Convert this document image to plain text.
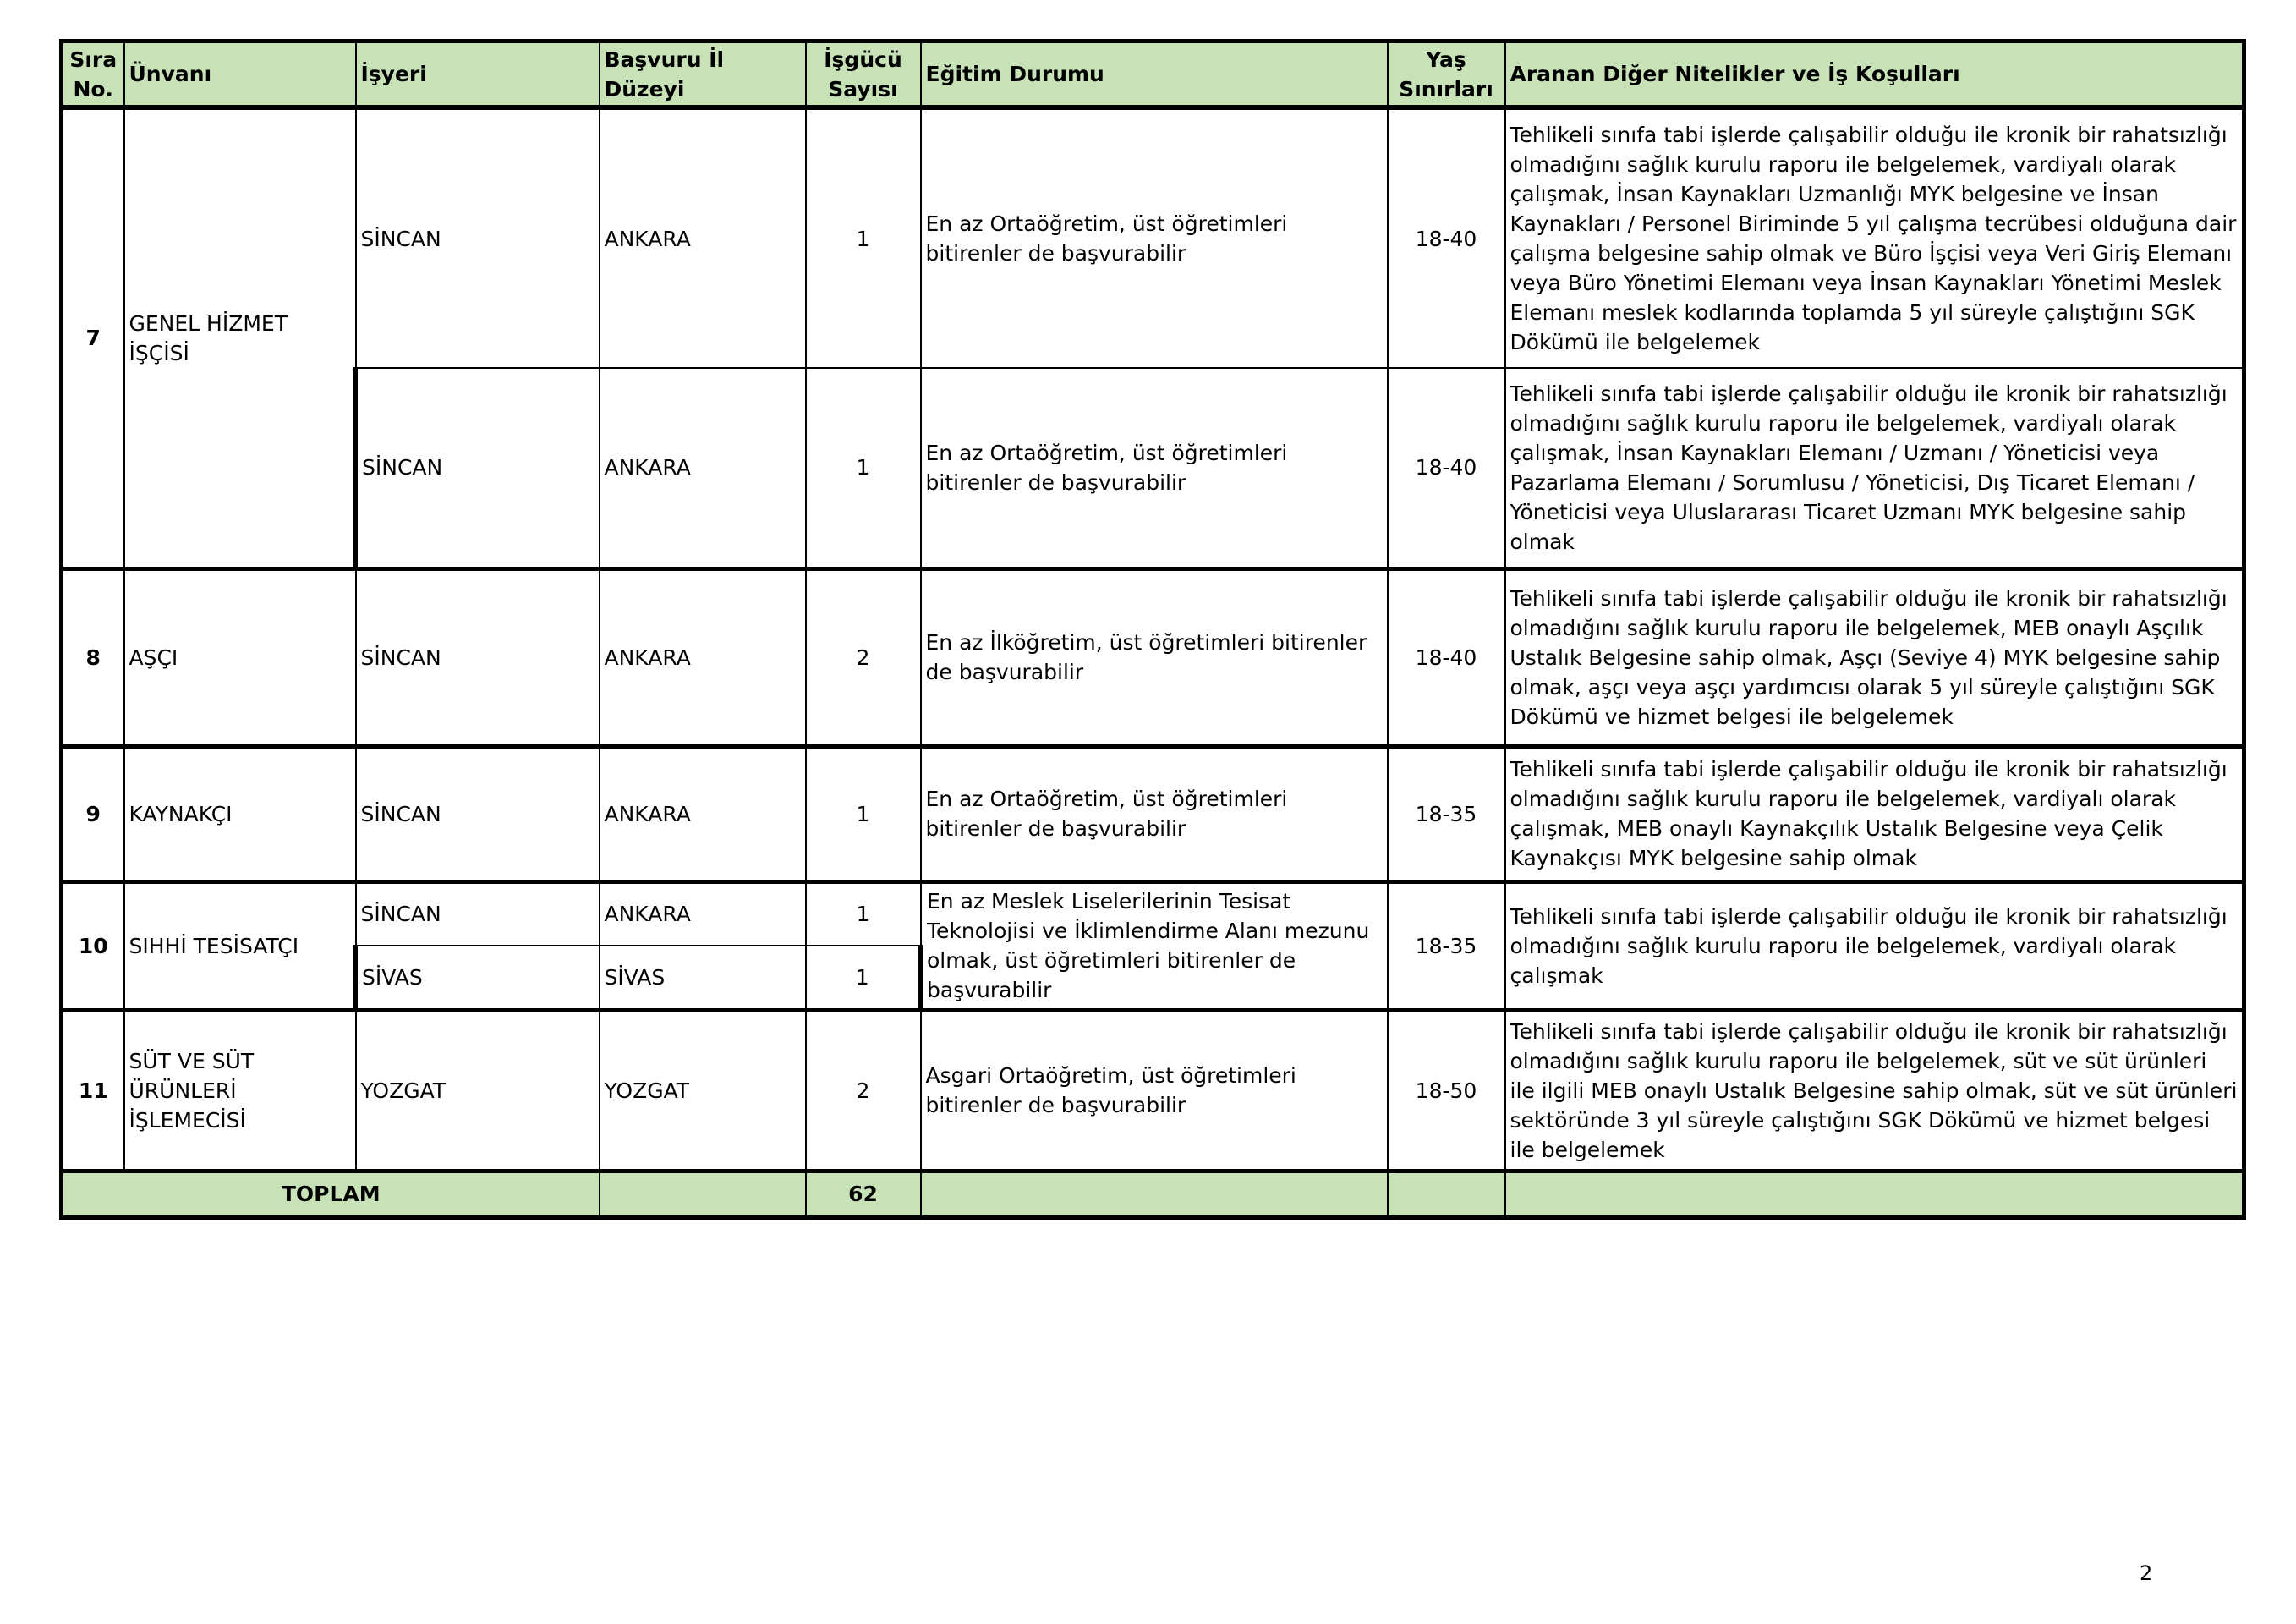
Sıra No.	Ünvanı	İşyeri	Başvuru İl Düzeyi	İşgücü Sayısı	Eğitim Durumu	Yaş Sınırları	Aranan Diğer Nitelikler ve İş Koşulları
7	GENEL HİZMET İŞÇİSİ	SİNCAN	ANKARA	1	En az Ortaöğretim, üst öğretimleri bitirenler de başvurabilir	18-40	Tehlikeli sınıfa tabi işlerde çalışabilir olduğu ile kronik bir rahatsızlığı olmadığını sağlık kurulu raporu ile belgelemek, vardiyalı olarak çalışmak, İnsan Kaynakları Uzmanlığı MYK belgesine ve İnsan Kaynakları / Personel Biriminde 5 yıl çalışma tecrübesi olduğuna dair çalışma belgesine sahip olmak ve Büro İşçisi veya Veri Giriş Elemanı veya Büro Yönetimi Elemanı veya İnsan Kaynakları Yönetimi Meslek Elemanı meslek kodlarında toplamda 5 yıl süreyle çalıştığını SGK Dökümü ile belgelemek
		SİNCAN	ANKARA	1	En az Ortaöğretim, üst öğretimleri bitirenler de başvurabilir	18-40	Tehlikeli sınıfa tabi işlerde çalışabilir olduğu ile kronik bir rahatsızlığı olmadığını sağlık kurulu raporu ile belgelemek, vardiyalı olarak çalışmak, İnsan Kaynakları Elemanı / Uzmanı / Yöneticisi veya Pazarlama Elemanı / Sorumlusu / Yöneticisi, Dış Ticaret Elemanı / Yöneticisi veya Uluslararası Ticaret Uzmanı MYK belgesine sahip olmak
8	AŞÇI	SİNCAN	ANKARA	2	En az İlköğretim, üst öğretimleri bitirenler de başvurabilir	18-40	Tehlikeli sınıfa tabi işlerde çalışabilir olduğu ile kronik bir rahatsızlığı olmadığını sağlık kurulu raporu ile belgelemek, MEB onaylı Aşçılık Ustalık Belgesine sahip olmak, Aşçı (Seviye 4) MYK belgesine sahip olmak, aşçı veya aşçı yardımcısı olarak 5 yıl süreyle çalıştığını SGK Dökümü ve hizmet belgesi ile belgelemek
9	KAYNAKÇI	SİNCAN	ANKARA	1	En az Ortaöğretim, üst öğretimleri bitirenler de başvurabilir	18-35	Tehlikeli sınıfa tabi işlerde çalışabilir olduğu ile kronik bir rahatsızlığı olmadığını sağlık kurulu raporu ile belgelemek, vardiyalı olarak çalışmak, MEB onaylı Kaynakçılık Ustalık Belgesine veya Çelik Kaynakçısı MYK belgesine sahip olmak
10	SIHHİ TESİSATÇI	SİNCAN	ANKARA	1	En az Meslek Liselerilerinin Tesisat Teknolojisi ve İklimlendirme Alanı mezunu olmak, üst öğretimleri bitirenler de başvurabilir	18-35	Tehlikeli sınıfa tabi işlerde çalışabilir olduğu ile kronik bir rahatsızlığı olmadığını sağlık kurulu raporu ile belgelemek, vardiyalı olarak çalışmak
		SİVAS	SİVAS	1			
11	SÜT VE SÜT ÜRÜNLERİ İŞLEMECİSİ	YOZGAT	YOZGAT	2	Asgari Ortaöğretim, üst öğretimleri bitirenler de başvurabilir	18-50	Tehlikeli sınıfa tabi işlerde çalışabilir olduğu ile kronik bir rahatsızlığı olmadığını sağlık kurulu raporu ile belgelemek, süt ve süt ürünleri ile ilgili MEB onaylı Ustalık Belgesine sahip olmak, süt ve süt ürünleri sektöründe 3 yıl süreyle çalıştığını SGK Dökümü ve hizmet belgesi ile belgelemek
TOPLAM				62			
2
